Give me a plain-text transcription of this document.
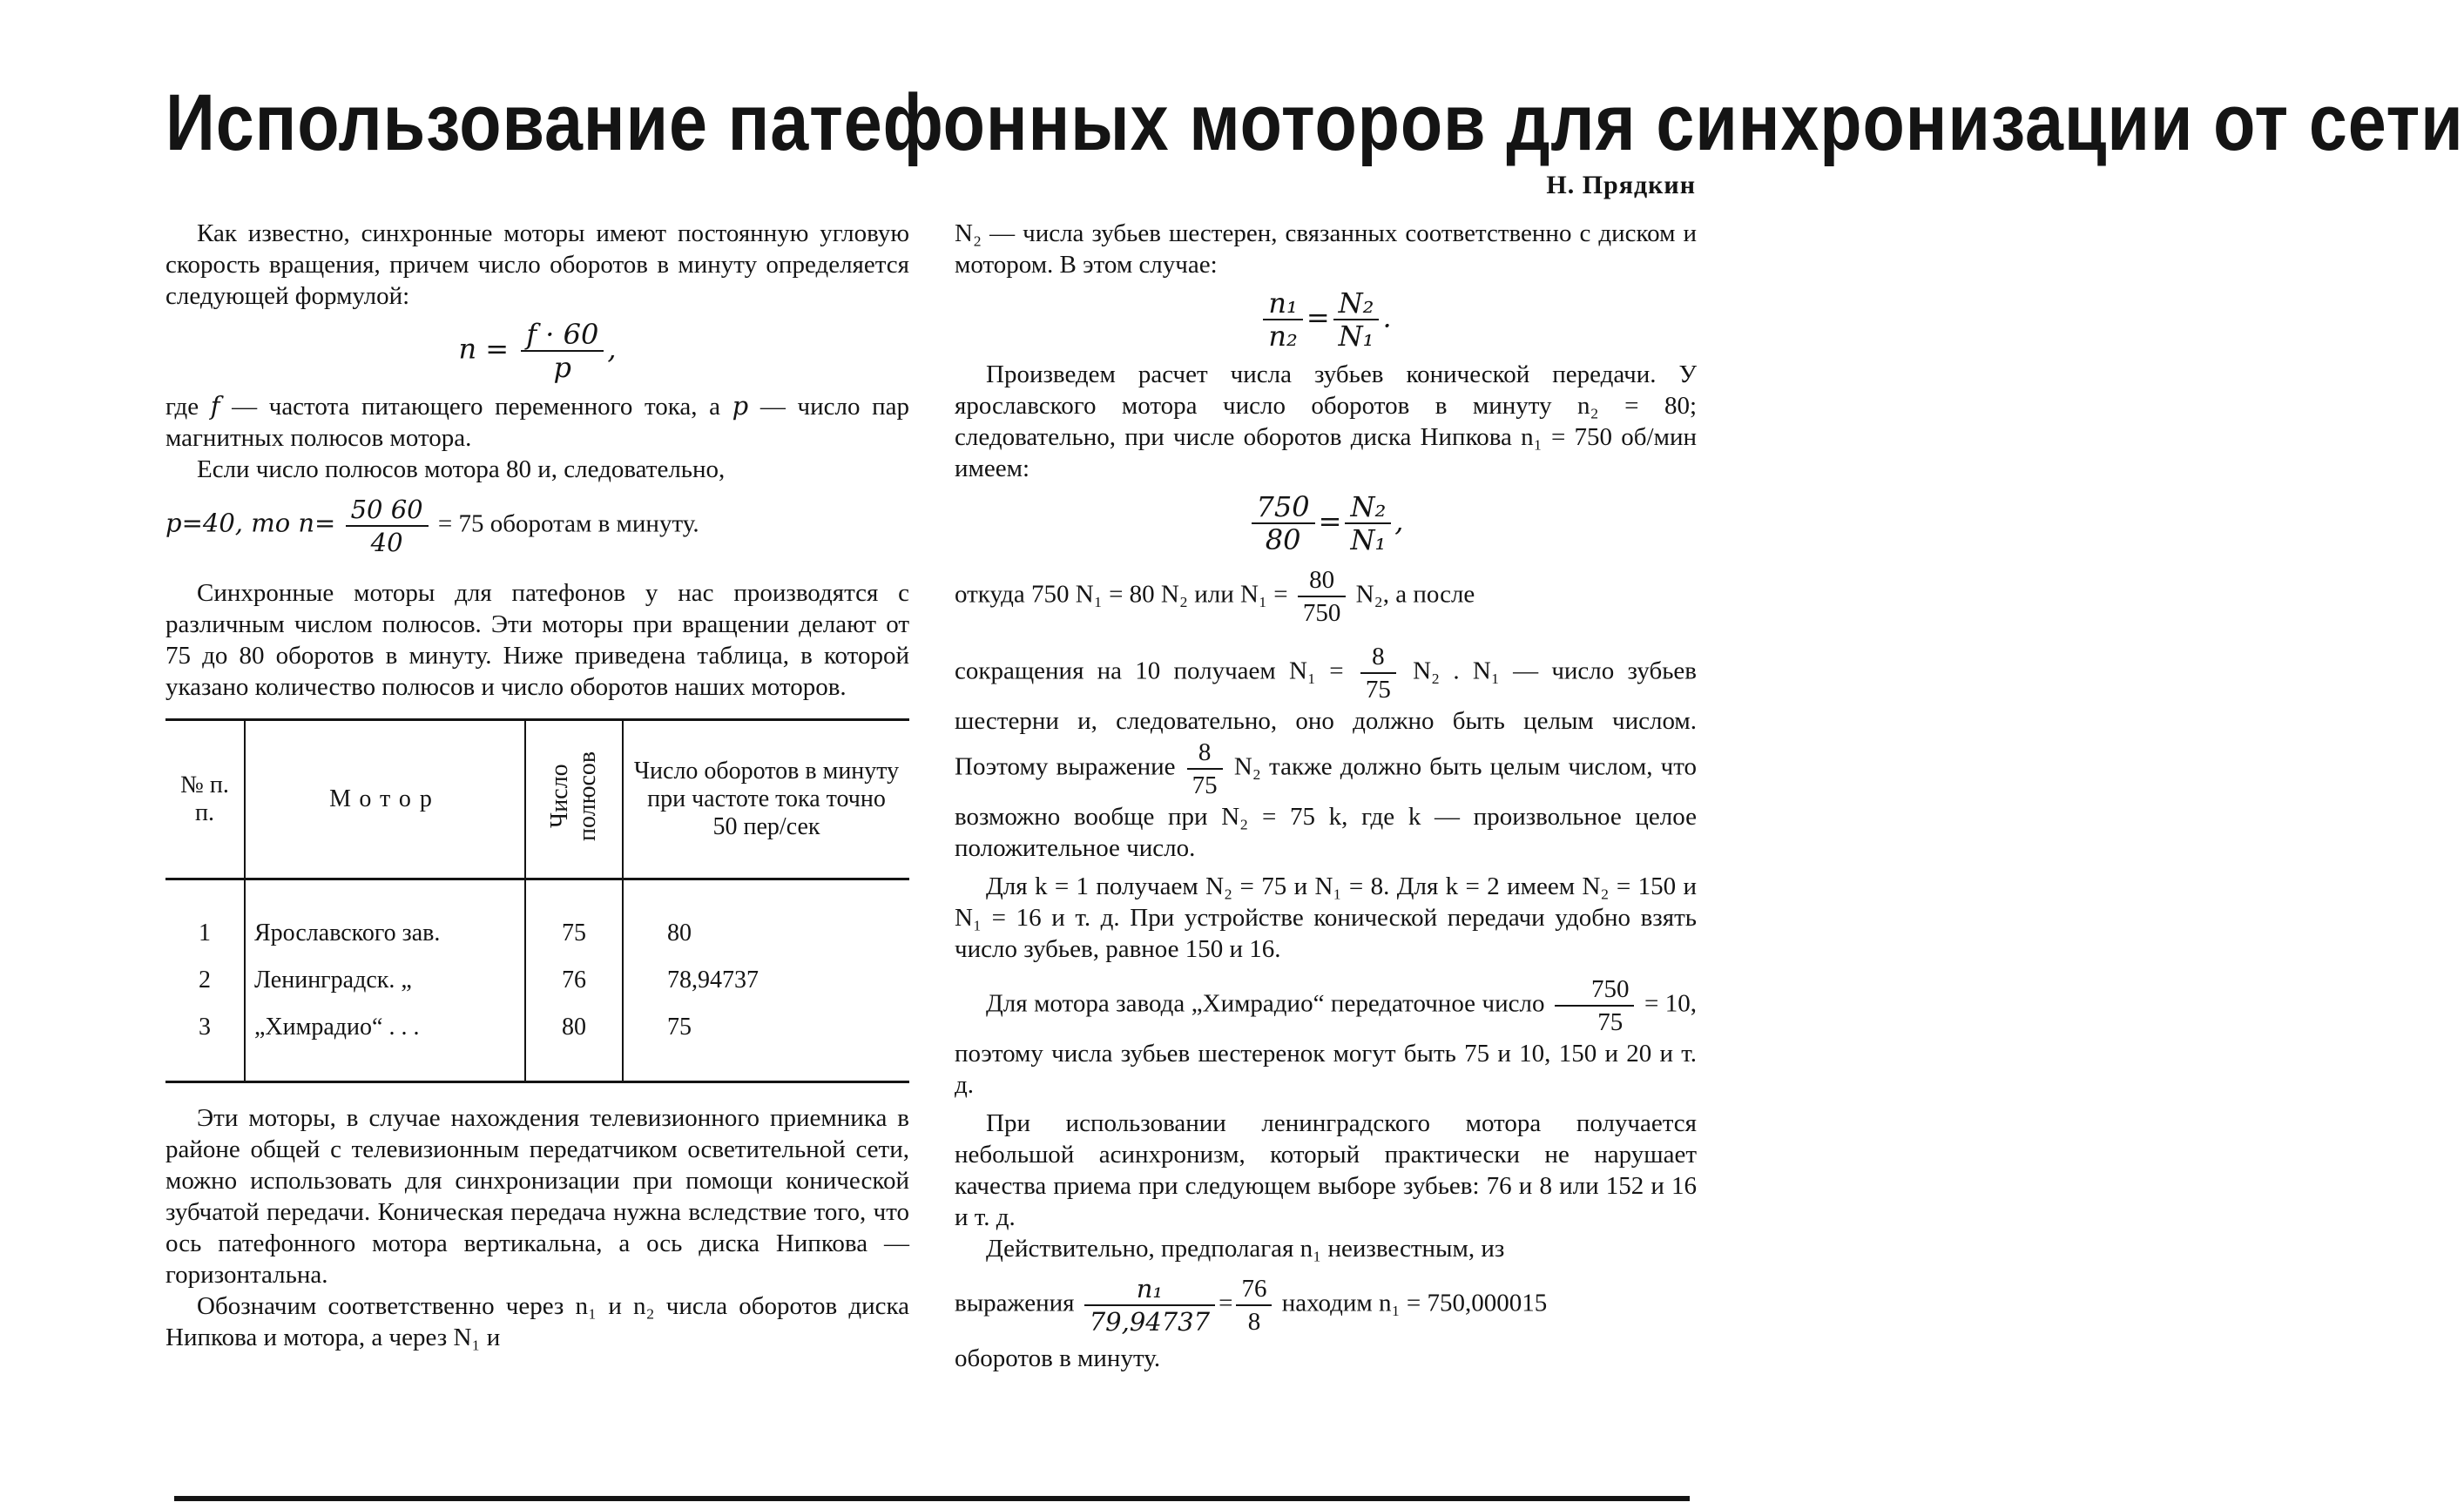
Использование патефонных моторов для синхронизации от сети
Н. Прядкин

Как известно, синхронные моторы имеют постоянную угловую скорость вращения, причем число оборотов в минуту определяется следующей формулой:

$n = \frac{f \cdot 60}{p}$ ,

где f — частота питающего переменного тока, а p — число пар магнитных полюсов мотора.

Если число полюсов мотора 80 и, следовательно,

p=40, то $n= \frac{50 60}{40} = 75$ оборотам в минуту.

Синхронные моторы для патефонов у нас производятся с различным числом полюсов. Эти моторы при вращении делают от 75 до 80 оборотов в минуту. Ниже приведена таблица, в которой указано количество полюсов и число оборотов наших моторов.

№ п. п.	Мотор	Число полюсов	Число оборотов в минуту при частоте тока точно 50 пер/сек

1	Ярославского зав.	75	80
2	Ленинградск. „	76	78,94737
3	„Химрадио“ . . .	80	75

Эти моторы, в случае нахождения телевизионного приемника в районе общей с телевизионным передатчиком осветительной сети, можно использовать для синхронизации при помощи конической зубчатой передачи. Коническая передача нужна вследствие того, что ось патефонного мотора вертикальна, а ось диска Нипкова — горизонтальна.

Обозначим соответственно через n₁ и n₂ числа оборотов диска Нипкова и мотора, а через N₁ и

N₂ — числа зубьев шестерен, связанных соответственно с диском и мотором. В этом случае:

$\frac{\text{n₁}}{\text{n₂}} = \frac{\text{N₂}}{\text{N₁}}$ .

Произведем расчет числа зубьев конической передачи. У ярославского мотора число оборотов в минуту n₂ = 80; следовательно, при числе оборотов диска Нипкова n₁ = 750 об/мин имеем:

$\frac{750}{80} = \frac{\text{N₂}}{\text{N₁}}$ ,

откуда 750 N₁ = 80 N₂ или $N_1 = \frac{80}{750} N_2$, а после

сокращения на 10 получаем $N_1 = \frac{8}{75} N_2$ . N₁ — число зубьев шестерни и, следовательно, оно должно быть целым числом. Поэтому выражение $\frac{8}{75} N_2$ также должно быть целым числом, что возможно вообще при N₂ = 75 k, где k — произвольное целое положительное число.

Для k = 1 получаем N₂ = 75 и N₁ = 8. Для k = 2 имеем N₂ = 150 и N₁ = 16 и т. д. При устройстве конической передачи удобно взять число зубьев, равное 150 и 16.

Для мотора завода „Химрадио“ передаточное число $\frac{750}{75} = 10$, поэтому числа зубьев шестеренок могут быть 75 и 10, 150 и 20 и т. д.

При использовании ленинградского мотора получается небольшой асинхронизм, который практически не нарушает качества приема при следующем выборе зубьев: 76 и 8 или 152 и 16 и т. д.

Действительно, предполагая n₁ неизвестным, из

выражения $\frac{\text{n₁}}{79,94737} = \frac{76}{8}$ находим n₁ = 750,000015

оборотов в минуту.
